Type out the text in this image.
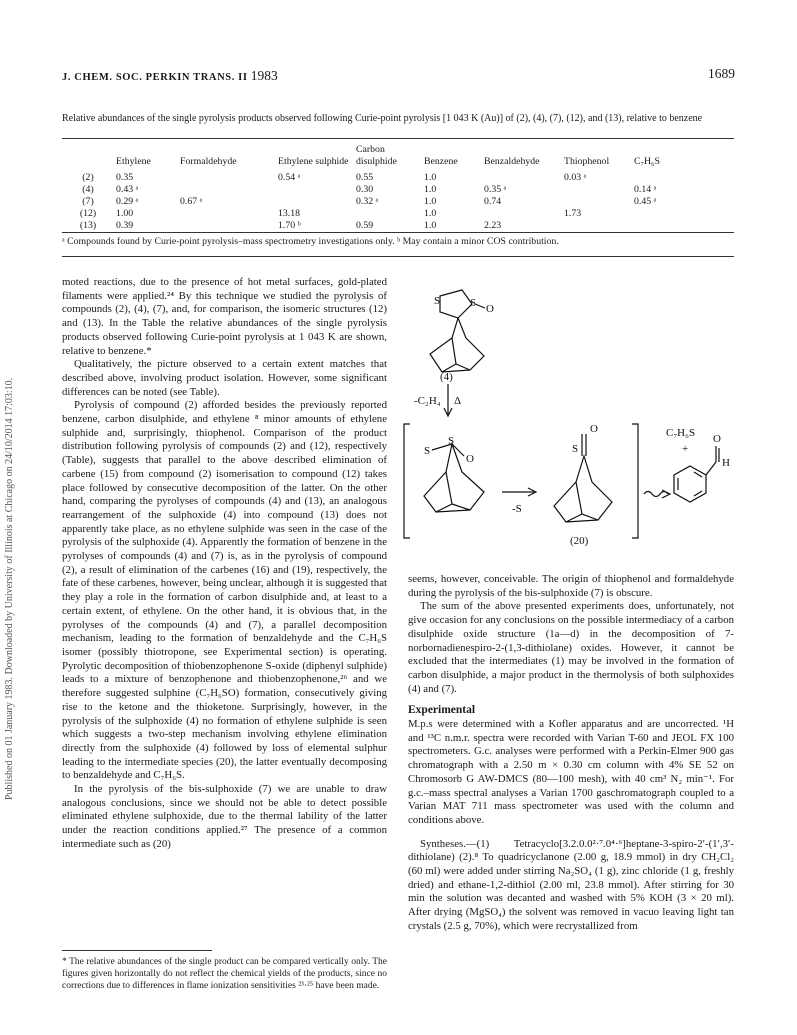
J. CHEM. SOC. PERKIN TRANS. II 1983	1689
Published on 01 January 1983. Downloaded by University of Illinois at Chicago on 24/10/2014 17:03:10.
Relative abundances of the single pyrolysis products observed following Curie-point pyrolysis [1 043 K (Au)] of (2), (4), (7), (12), and (13), relative to benzene
	Ethylene	Formaldehyde	Ethylene sulphide	Carbon disulphide	Benzene	Benzaldehyde	Thiophenol	C₇H₆S
(2)	0.35		0.54 ᵃ	0.55	1.0		0.03 ᵃ	
(4)	0.43 ᵃ			0.30	1.0	0.35 ᵃ		0.14 ᵃ
(7)	0.29 ᵃ	0.67 ᵃ		0.32 ᵃ	1.0	0.74		0.45 ᵃ
(12)	1.00		13.18		1.0		1.73	
(13)	0.39		1.70 ᵇ	0.59	1.0	2.23		
ᵃ Compounds found by Curie-point pyrolysis–mass spectrometry investigations only. ᵇ May contain a minor COS contribution.

moted reactions, due to the presence of hot metal surfaces, gold-plated filaments were applied.²⁴ By this technique we studied the pyrolysis of compounds (2), (4), (7), and, for comparison, the isomeric structures (12) and (13). In the Table the relative abundances of the single pyrolysis products observed following Curie-point pyrolysis at 1 043 K are shown, relative to benzene.*

Qualitatively, the picture observed to a certain extent matches that described above, involving product isolation. However, some significant differences can be noted (see Table).

Pyrolysis of compound (2) afforded besides the previously reported benzene, carbon disulphide, and ethylene ⁸ minor amounts of ethylene sulphide and, surprisingly, thiophenol. Comparison of the product distribution following pyrolysis of compounds (2) and (12), respectively (Table), suggests that parallel to the above described elimination of carbene (15) from compound (2) isomerisation to compound (12) takes place followed by consecutive decomposition of the latter. On the other hand, comparing the pyrolyses of compounds (4) and (13), an analogous rearrangement of the sulphoxide (4) into compound (13) does not apparently take place, as no ethylene sulphide was seen in the case of the pyrolysis of the sulphoxide (4). Apparently the formation of benzene in the pyrolyses of compounds (4) and (7) is, as in the pyrolysis of compound (2), a result of elimination of the carbenes (16) and (19), respectively, the fate of these carbenes, however, being unclear, although it is suggested that they play a role in the formation of carbon disulphide and, at least to a certain extent, of ethylene. On the other hand, it is obvious that, in the pyrolyses of the compounds (4) and (7), a parallel decomposition mechanism, leading to the formation of benzaldehyde and the C₇H₆S isomer (possibly thiotropone, see Experimental section) is operating. Pyrolytic decomposition of thiobenzophenone S-oxide (diphenyl sulphide) leads to a mixture of benzophenone and thiobenzophenone,²⁶ and we therefore suggested sulphine (C₇H₆SO) formation, consecutively giving rise to the ketone and the thioketone. Surprisingly, however, in the pyrolysis of the sulphoxide (4) no formation of ethylene sulphide is seen which suggests a two-step mechanism involving ethylene elimination directly from the sulphoxide (4) followed by loss of elemental sulphur leading to the intermediate species (20), the latter eventually decomposing to benzaldehyde and C₇H₆S.

In the pyrolysis of the bis-sulphoxide (7) we are unable to draw analogous conclusions, since we should not be able to detect possible eliminated ethylene sulphoxide, due to the thermal lability of the latter under the reaction conditions applied.²⁷ The presence of a common intermediate such as (20)

* The relative abundances of the single product can be compared vertically only. The figures given horizontally do not reflect the chemical yields of the products, since no corrections due to differences in flame ionization sensitivities ²³·²⁵ have been made.
S	S O
(4)
-C₂H₄ Δ
S
S
O
-S
S
O
(20)
C₇H₆S
+
O
H

seems, however, conceivable. The origin of thiophenol and formaldehyde during the pyrolysis of the bis-sulphoxide (7) is obscure.

The sum of the above presented experiments does, unfortunately, not give occasion for any conclusions on the possible intermediacy of a carbon disulphide oxide structure (1a—d) in the decomposition of 7-norbornadienespiro-2-(1,3-dithiolane) oxides. However, it cannot be excluded that the intermediates (1) may be involved in the formation of carbon disulphide, a major product in the thermolysis of both sulphoxides (4) and (7).

Experimental

M.p.s were determined with a Kofler apparatus and are uncorrected. ¹H and ¹³C n.m.r. spectra were recorded with Varian T-60 and JEOL FX 100 spectrometers. G.c. analyses were performed with a Perkin-Elmer 900 gas chromatograph with a 2.50 m × 0.30 cm column with 4% SE 52 on Chromosorb G AW-DMCS (80—100 mesh), with 40 cm³ N₂ min⁻¹. For g.c.–mass spectral analyses a Varian 1700 gaschromatograph coupled to a Varian MAT 711 mass spectrometer was used with the column and conditions above.

Syntheses.—(1) Tetracyclo[3.2.0.0²·⁷.0⁴·⁶]heptane-3-spiro-2′-(1′,3′-dithiolane) (2).⁸ To quadricyclanone (2.00 g, 18.9 mmol) in dry CH₂Cl₂ (60 ml) were added under stirring Na₂SO₄ (1 g), zinc chloride (1 g, freshly dried) and ethane-1,2-dithiol (2.00 ml, 23.8 mmol). After stirring for 30 min the solution was decanted and washed with 5% KOH (3 × 20 ml). After drying (MgSO₄) the solvent was removed in vacuo leaving light tan crystals (2.5 g, 70%), which were recrystallized from
